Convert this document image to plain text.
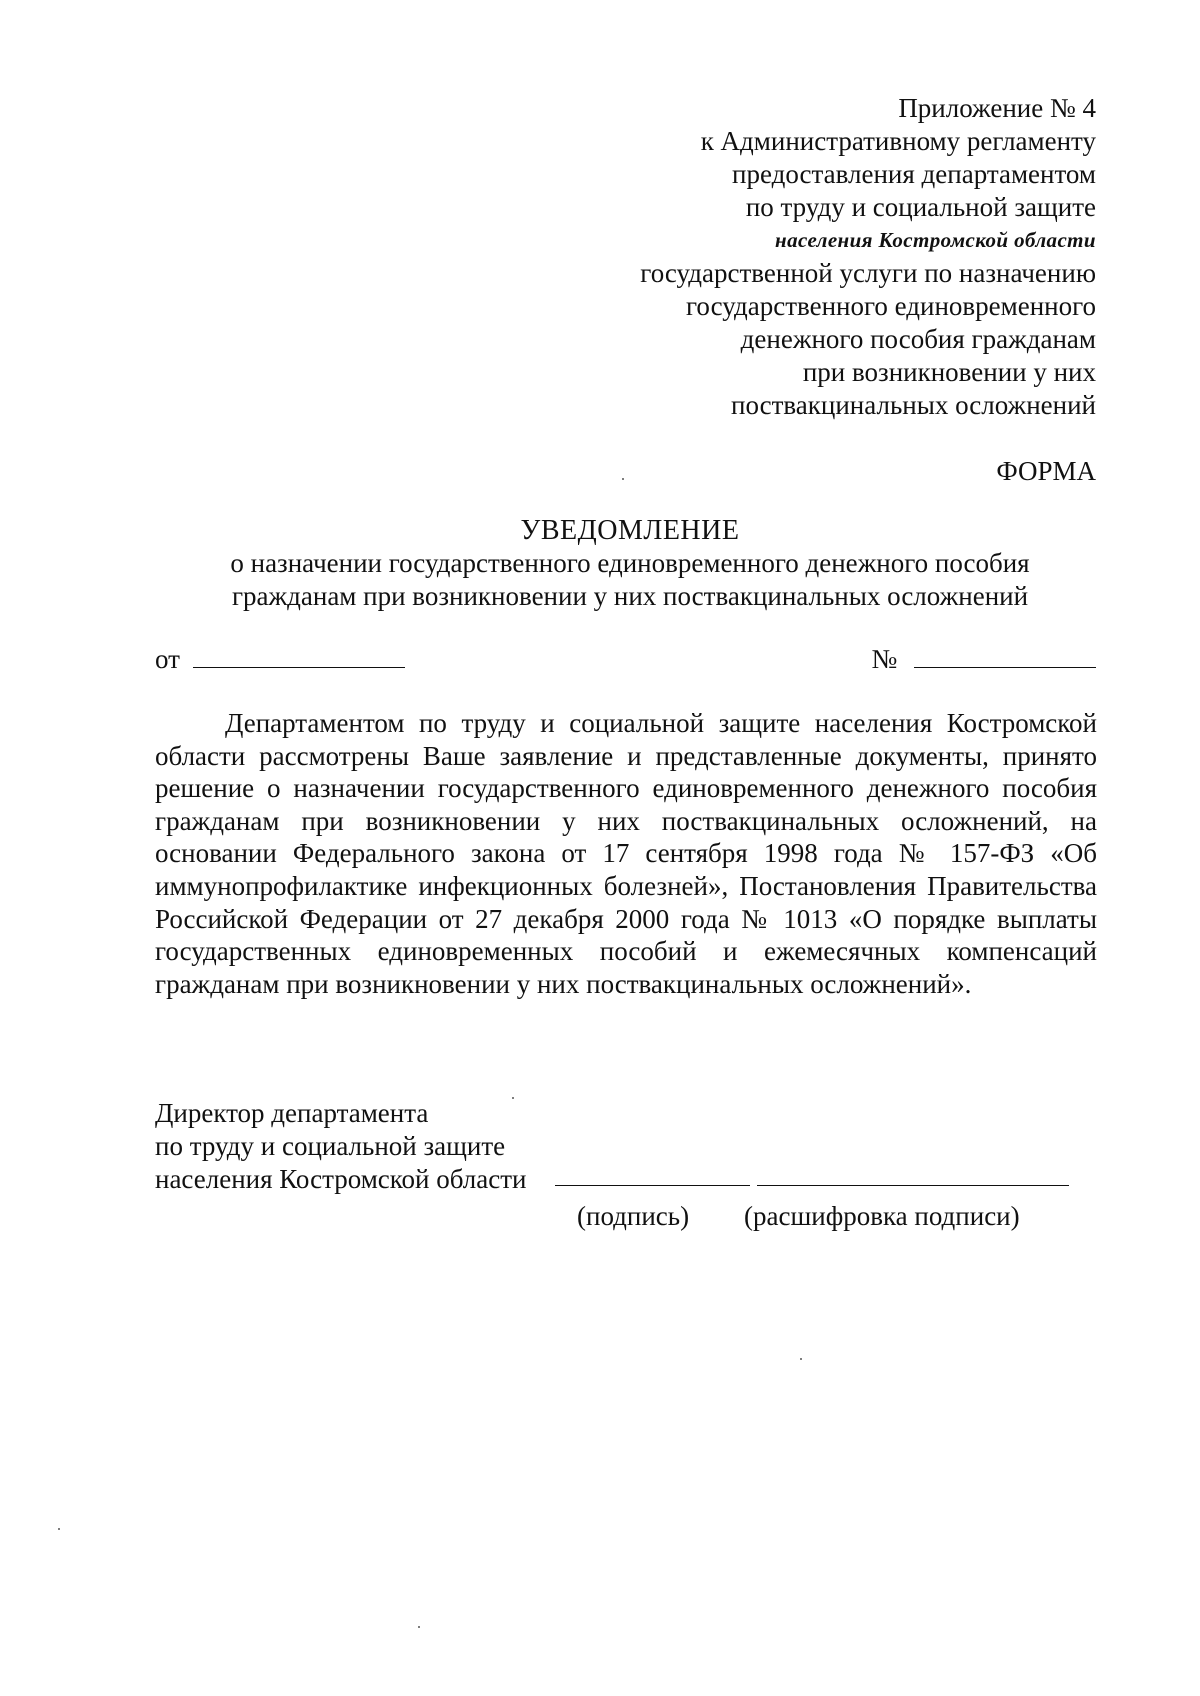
Приложение № 4
к Административному регламенту
предоставления департаментом
по труду и социальной защите
населения Костромской области
государственной услуги по назначению
государственного единовременного
денежного пособия гражданам
при возникновении у них
поствакцинальных осложнений
ФОРМА
УВЕДОМЛЕНИЕ
о назначении государственного единовременного денежного пособия
гражданам при возникновении у них поствакцинальных осложнений
от	№
Департаментом по труду и социальной защите населения Костромской области рассмотрены Ваше заявление и представленные документы, принято решение о назначении государственного единовременного денежного пособия гражданам при возникновении у них поствакцинальных осложнений, на основании Федерального закона от 17 сентября 1998 года № 157-ФЗ «Об иммунопрофилактике инфекционных болезней», Постановления Правительства Российской Федерации от 27 декабря 2000 года № 1013 «О порядке выплаты государственных единовременных пособий и ежемесячных компенсаций гражданам при возникновении у них поствакцинальных осложнений».
Директор департамента
по труду и социальной защите
населения Костромской области
(подпись) (расшифровка подписи)
